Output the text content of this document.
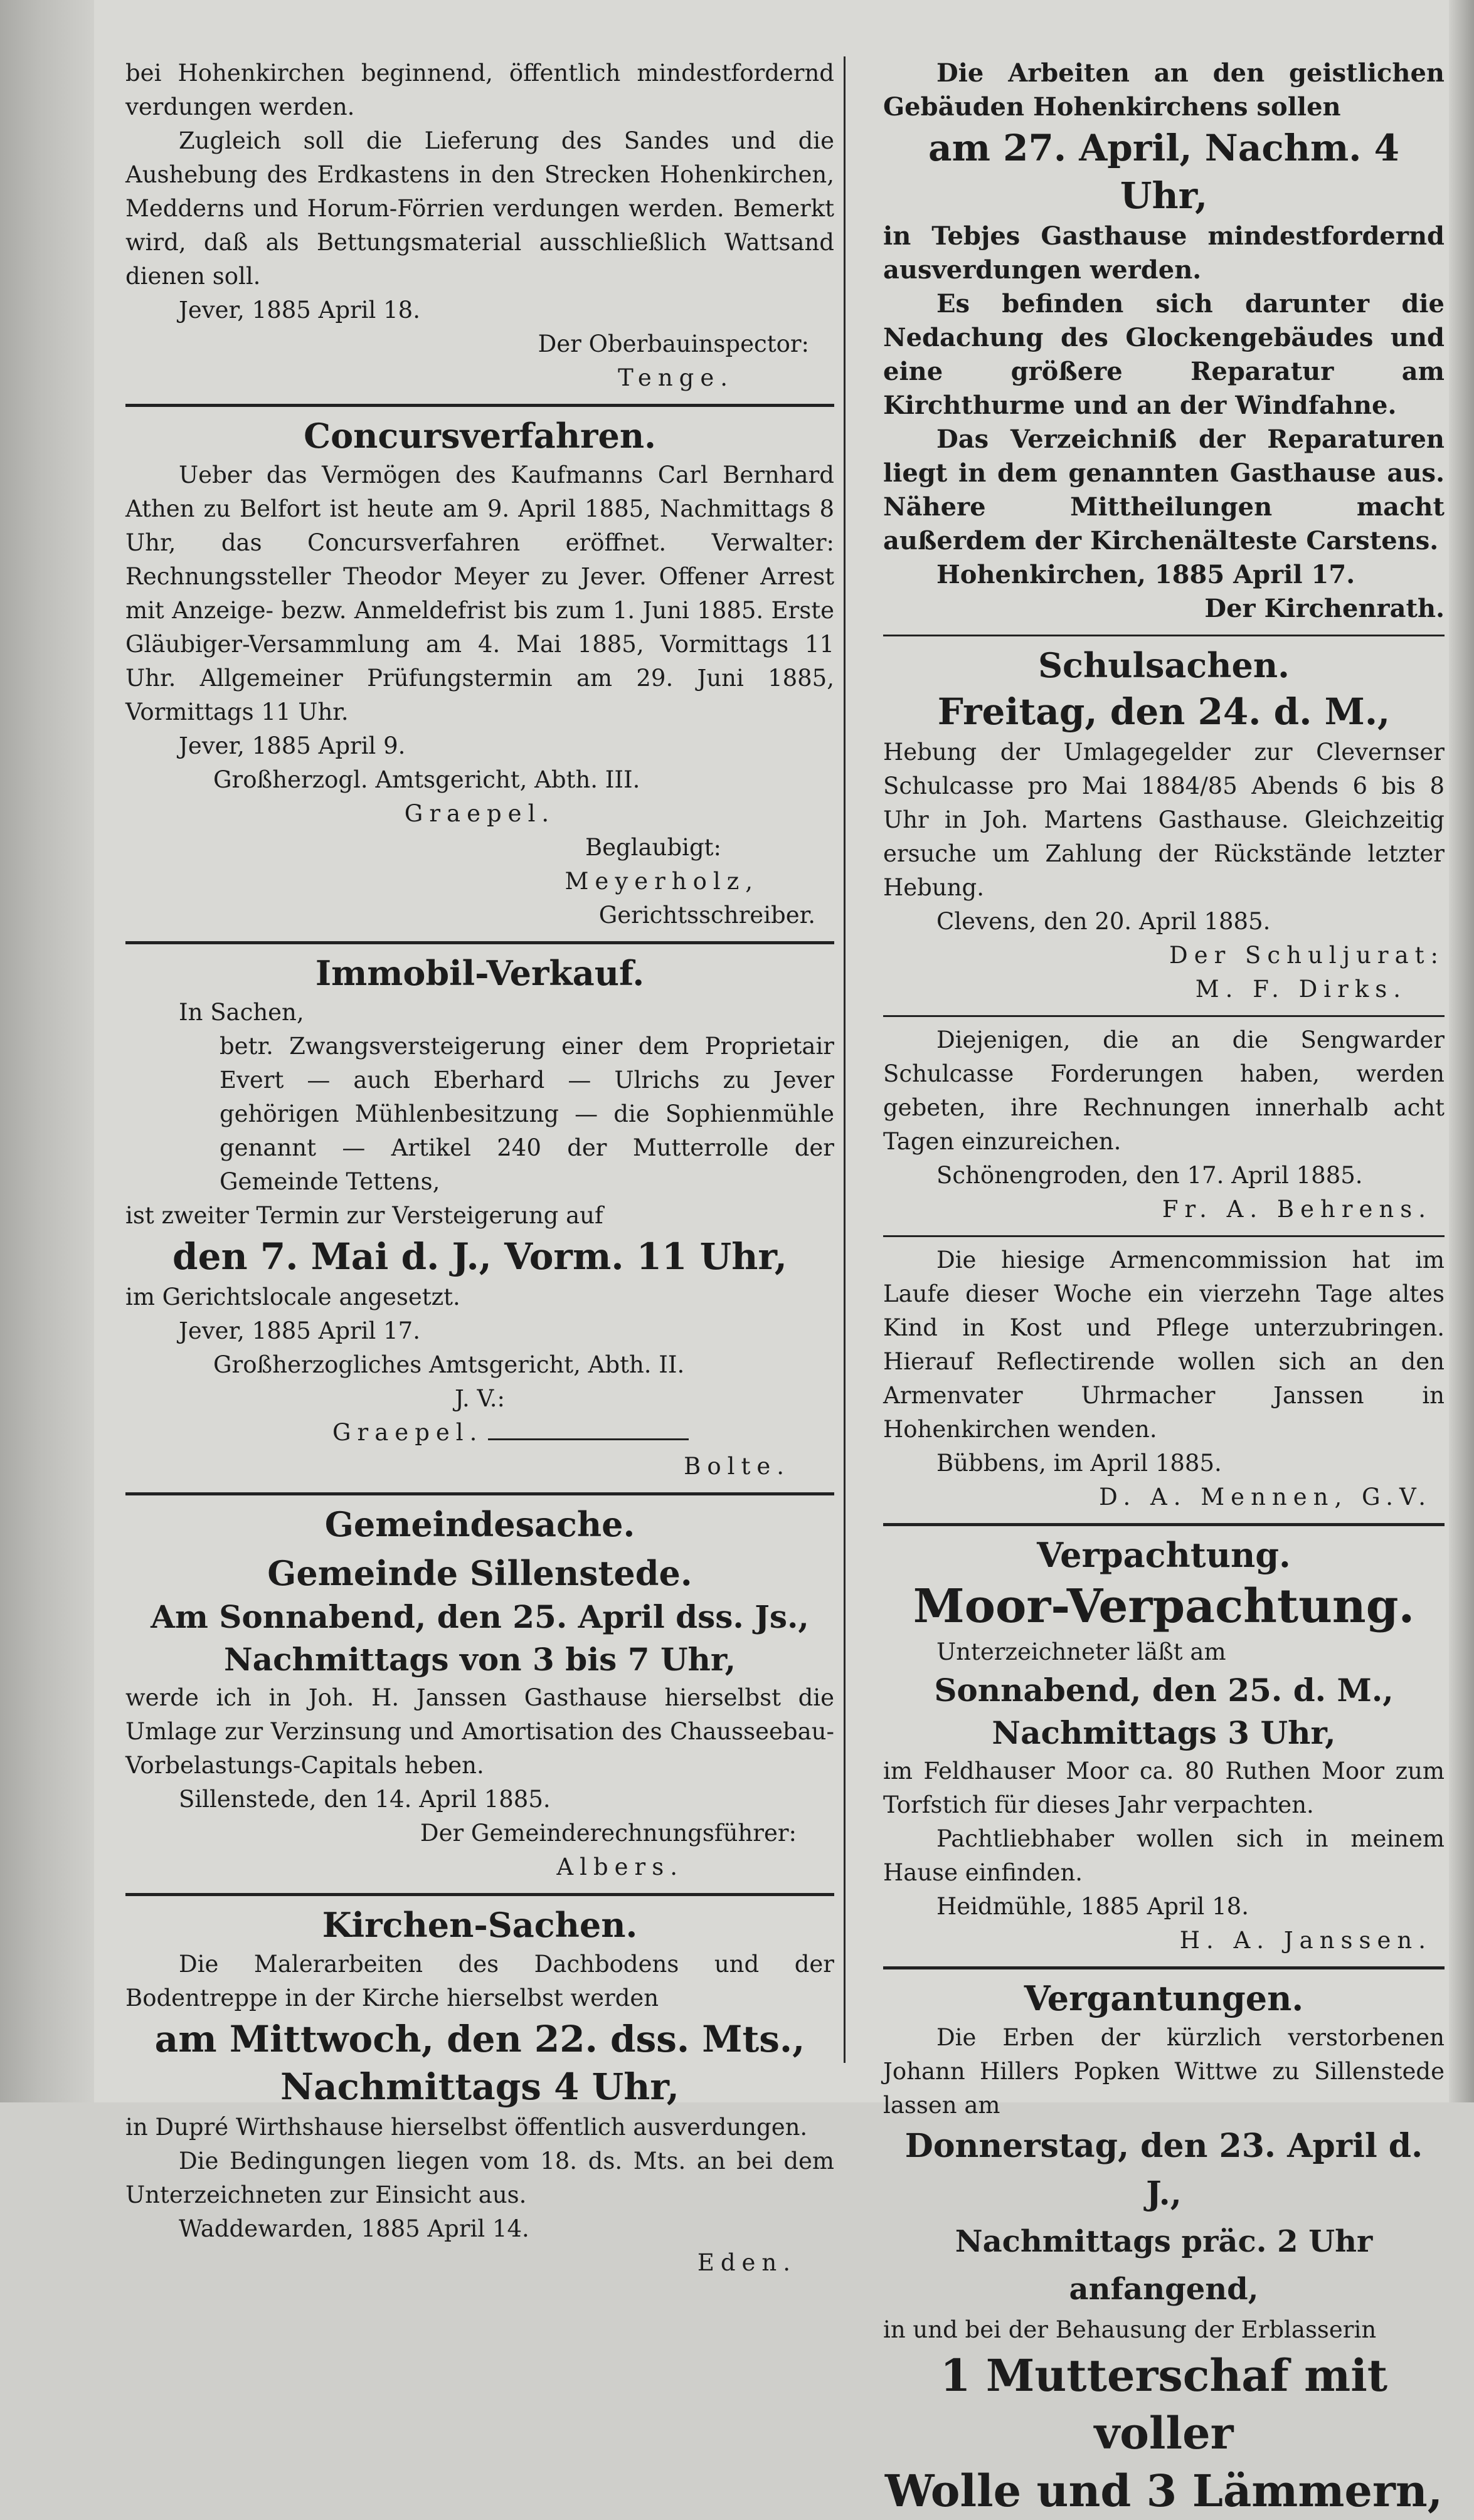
bei Hohenkirchen beginnend, öffentlich mindestfordernd verdungen werden.

Zugleich soll die Lieferung des Sandes und die Aushebung des Erdkastens in den Strecken Hohenkirchen, Medderns und Horum-Förrien verdungen werden. Bemerkt wird, daß als Bettungsmaterial ausschließlich Wattsand dienen soll.

Jever, 1885 April 18.

Der Oberbauinspector:

Tenge.

Concursverfahren.

Ueber das Vermögen des Kaufmanns Carl Bernhard Athen zu Belfort ist heute am 9. April 1885, Nachmittags 8 Uhr, das Concursverfahren eröffnet. Verwalter: Rechnungssteller Theodor Meyer zu Jever. Offener Arrest mit Anzeige- bezw. Anmeldefrist bis zum 1. Juni 1885. Erste Gläubiger-Versammlung am 4. Mai 1885, Vormittags 11 Uhr. Allgemeiner Prüfungstermin am 29. Juni 1885, Vormittags 11 Uhr.

Jever, 1885 April 9.

Großherzogl. Amtsgericht, Abth. III.

Graepel.

Beglaubigt:

Meyerholz,

Gerichtsschreiber.

Immobil-Verkauf.

In Sachen,

betr. Zwangsversteigerung einer dem Proprietair Evert — auch Eberhard — Ulrichs zu Jever gehörigen Mühlenbesitzung — die Sophienmühle genannt — Artikel 240 der Mutterrolle der Gemeinde Tettens,

ist zweiter Termin zur Versteigerung auf

den 7. Mai d. J., Vorm. 11 Uhr,

im Gerichtslocale angesetzt.

Jever, 1885 April 17.

Großherzogliches Amtsgericht, Abth. II.

J. V.:

Graepel.

Bolte.

Gemeindesache.

Gemeinde Sillenstede.

Am Sonnabend, den 25. April dss. Js.,

Nachmittags von 3 bis 7 Uhr,

werde ich in Joh. H. Janssen Gasthause hierselbst die Umlage zur Verzinsung und Amortisation des Chausseebau-Vorbelastungs-Capitals heben.

Sillenstede, den 14. April 1885.

Der Gemeinderechnungsführer:

Albers.

Kirchen-Sachen.

Die Malerarbeiten des Dachbodens und der Bodentreppe in der Kirche hierselbst werden

am Mittwoch, den 22. dss. Mts.,

Nachmittags 4 Uhr,

in Dupré Wirthshause hierselbst öffentlich ausverdungen.

Die Bedingungen liegen vom 18. ds. Mts. an bei dem Unterzeichneten zur Einsicht aus.

Waddewarden, 1885 April 14.

Eden.

Die Arbeiten an den geistlichen Gebäuden Hohenkirchens sollen

am 27. April, Nachm. 4 Uhr,

in Tebjes Gasthause mindestfordernd ausverdungen werden.

Es befinden sich darunter die Nedachung des Glockengebäudes und eine größere Reparatur am Kirchthurme und an der Windfahne.

Das Verzeichniß der Reparaturen liegt in dem genannten Gasthause aus. Nähere Mittheilungen macht außerdem der Kirchenälteste Carstens.

Hohenkirchen, 1885 April 17.

Der Kirchenrath.

Schulsachen.

Freitag, den 24. d. M.,

Hebung der Umlagegelder zur Clevernser Schulcasse pro Mai 1884/85 Abends 6 bis 8 Uhr in Joh. Martens Gasthause. Gleichzeitig ersuche um Zahlung der Rückstände letzter Hebung.

Clevens, den 20. April 1885.

Der Schuljurat:

M. F. Dirks.

Diejenigen, die an die Sengwarder Schulcasse Forderungen haben, werden gebeten, ihre Rechnungen innerhalb acht Tagen einzureichen.

Schönengroden, den 17. April 1885.

Fr. A. Behrens.

Die hiesige Armencommission hat im Laufe dieser Woche ein vierzehn Tage altes Kind in Kost und Pflege unterzubringen. Hierauf Reflectirende wollen sich an den Armenvater Uhrmacher Janssen in Hohenkirchen wenden.

Bübbens, im April 1885.

D. A. Mennen, G.V.

Verpachtung.

Moor-Verpachtung.

Unterzeichneter läßt am

Sonnabend, den 25. d. M.,

Nachmittags 3 Uhr,

im Feldhauser Moor ca. 80 Ruthen Moor zum Torfstich für dieses Jahr verpachten.

Pachtliebhaber wollen sich in meinem Hause einfinden.

Heidmühle, 1885 April 18.

H. A. Janssen.

Vergantungen.

Die Erben der kürzlich verstorbenen Johann Hillers Popken Wittwe zu Sillenstede lassen am

Donnerstag, den 23. April d. J.,

Nachmittags präc. 2 Uhr anfangend,

in und bei der Behausung der Erblasserin

1 Mutterschaf mit voller

Wolle und 3 Lämmern,
